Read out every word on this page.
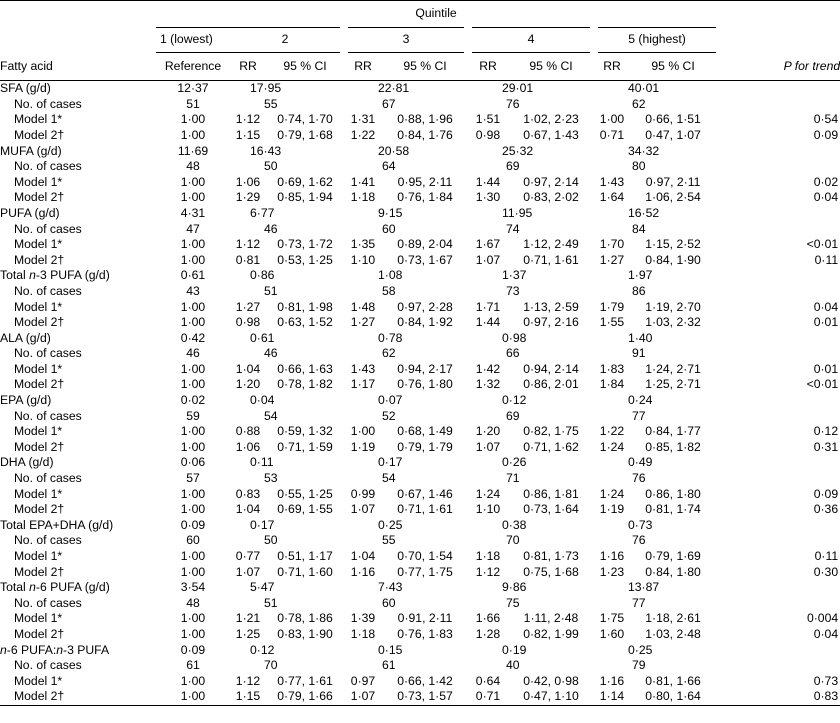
	Quintile									
	1 (lowest)	2		3		4		5 (highest)		
Fatty acid	Reference	RR	95 % CI	RR	95 % CI	RR	95 % CI	RR	95 % CI	P for trend
SFA (g/d)	12·37	17·95		22·81		29·01		40·01		
No. of cases	51	55		67		76		62		
Model 1*	1·00	1·12	0·74, 1·70	1·31	0·88, 1·96	1·51	1·02, 2·23	1·00	0·66, 1·51	0·54
Model 2†	1·00	1·15	0·79, 1·68	1·22	0·84, 1·76	0·98	0·67, 1·43	0·71	0·47, 1·07	0·09
MUFA (g/d)	11·69	16·43		20·58		25·32		34·32		
No. of cases	48	50		64		69		80		
Model 1*	1·00	1·06	0·69, 1·62	1·41	0·95, 2·11	1·44	0·97, 2·14	1·43	0·97, 2·11	0·02
Model 2†	1·00	1·29	0·85, 1·94	1·18	0·76, 1·84	1·30	0·83, 2·02	1·64	1·06, 2·54	0·04
PUFA (g/d)	4·31	6·77		9·15		11·95		16·52		
No. of cases	47	46		60		74		84		
Model 1*	1·00	1·12	0·73, 1·72	1·35	0·89, 2·04	1·67	1·12, 2·49	1·70	1·15, 2·52	<0·01
Model 2†	1·00	0·81	0·53, 1·25	1·10	0·73, 1·67	1·07	0·71, 1·61	1·27	0·84, 1·90	0·11
Total n-3 PUFA (g/d)	0·61	0·86		1·08		1·37		1·97		
No. of cases	43	51		58		73		86		
Model 1*	1·00	1·27	0·81, 1·98	1·48	0·97, 2·28	1·71	1·13, 2·59	1·79	1·19, 2·70	0·04
Model 2†	1·00	0·98	0·63, 1·52	1·27	0·84, 1·92	1·44	0·97, 2·16	1·55	1·03, 2·32	0·01
ALA (g/d)	0·42	0·61		0·78		0·98		1·40		
No. of cases	46	46		62		66		91		
Model 1*	1·00	1·04	0·66, 1·63	1·43	0·94, 2·17	1·42	0·94, 2·14	1·83	1·24, 2·71	0·01
Model 2†	1·00	1·20	0·78, 1·82	1·17	0·76, 1·80	1·32	0·86, 2·01	1·84	1·25, 2·71	<0·01
EPA (g/d)	0·02	0·04		0·07		0·12		0·24		
No. of cases	59	54		52		69		77		
Model 1*	1·00	0·88	0·59, 1·32	1·00	0·68, 1·49	1·20	0·82, 1·75	1·22	0·84, 1·77	0·12
Model 2†	1·00	1·06	0·71, 1·59	1·19	0·79, 1·79	1·07	0·71, 1·62	1·24	0·85, 1·82	0·31
DHA (g/d)	0·06	0·11		0·17		0·26		0·49		
No. of cases	57	53		54		71		76		
Model 1*	1·00	0·83	0·55, 1·25	0·99	0·67, 1·46	1·24	0·86, 1·81	1·24	0·86, 1·80	0·09
Model 2†	1·00	1·04	0·69, 1·55	1·07	0·71, 1·61	1·10	0·73, 1·64	1·19	0·81, 1·74	0·36
Total EPA+DHA (g/d)	0·09	0·17		0·25		0·38		0·73		
No. of cases	60	50		55		70		76		
Model 1*	1·00	0·77	0·51, 1·17	1·04	0·70, 1·54	1·18	0·81, 1·73	1·16	0·79, 1·69	0·11
Model 2†	1·00	1·07	0·71, 1·60	1·16	0·77, 1·75	1·12	0·75, 1·68	1·23	0·84, 1·80	0·30
Total n-6 PUFA (g/d)	3·54	5·47		7·43		9·86		13·87		
No. of cases	48	51		60		75		77		
Model 1*	1·00	1·21	0·78, 1·86	1·39	0·91, 2·11	1·66	1·11, 2·48	1·75	1·18, 2·61	0·004
Model 2†	1·00	1·25	0·83, 1·90	1·18	0·76, 1·83	1·28	0·82, 1·99	1·60	1·03, 2·48	0·04
n-6 PUFA:n-3 PUFA	0·09	0·12		0·15		0·19		0·25		
No. of cases	61	70		61		40		79		
Model 1*	1·00	1·12	0·77, 1·61	0·97	0·66, 1·42	0·64	0·42, 0·98	1·16	0·81, 1·66	0·73
Model 2†	1·00	1·15	0·79, 1·66	1·07	0·73, 1·57	0·71	0·47, 1·10	1·14	0·80, 1·64	0·83
